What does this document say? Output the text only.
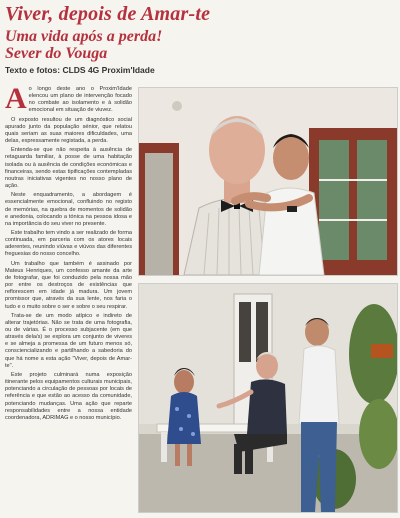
Viver, depois de Amar-te
Uma vida após a perda!
Sever do Vouga
Texto e fotos: CLDS 4G Proxim'Idade

Ao longo deste ano o Proxim'Idade elencou um plano de intervenção focado no combate ao isolamento e à solidão emocional em situação de viuvez.

O exposto resultou de um diagnóstico social apurado junto da população sénior, que relatou quais seriam as suas maiores dificuldades, uma delas, expressamente registada, a perda.

Entenda-se que não respeita à ausência de retaguarda familiar, à posse de uma habitação isolada ou à ausência de condições económicas e financeiras, sendo estas tipificações contempladas noutras iniciativas vigentes no nosso plano de ação.

Neste enquadramento, a abordagem é essencialmente emocional, confluindo no registo de memórias, na quebra de momentos de solidão e anedonia, colocando a tónica na pessoa idosa e na importância do seu viver no presente.

Este trabalho tem vindo a ser realizado de forma continuada, em parceria com os atores locais aderentes, reunindo viúvas e viúvos das diferentes freguesias do nosso concelho.

Um trabalho que também é assinado por Mateus Henriques, um confesso amante da arte de fotografar, que foi conduzido pela nossa mão por entre os destroços de existências que reflorescem em idade já madura. Um jovem promissor que, através da sua lente, nos faria o tudo e o muito sobre o ser e sobre o seu respirar.

Trata-se de um modo atípico e indireto de alterar trajetórias. Não se trata de uma fotografia, ou de várias. É o processo subjacente (em que através dela/s) se explora um conjunto de viveres e se almeja a promessa de um futuro menos só, consciencializando e partilhando a sabedoria do que há nome a esta ação "Viver, depois de Amar-te".

Este projeto culminará numa exposição itinerante pelos equipamentos culturais municipais, potenciando a circulação de pessoas por locais de referência e que estão ao acesso da comunidade, potenciando mudanças. Uma ação que reparte responsabilidades entre a nossa entidade coordenadora, ADRIMAG e o nosso município.
